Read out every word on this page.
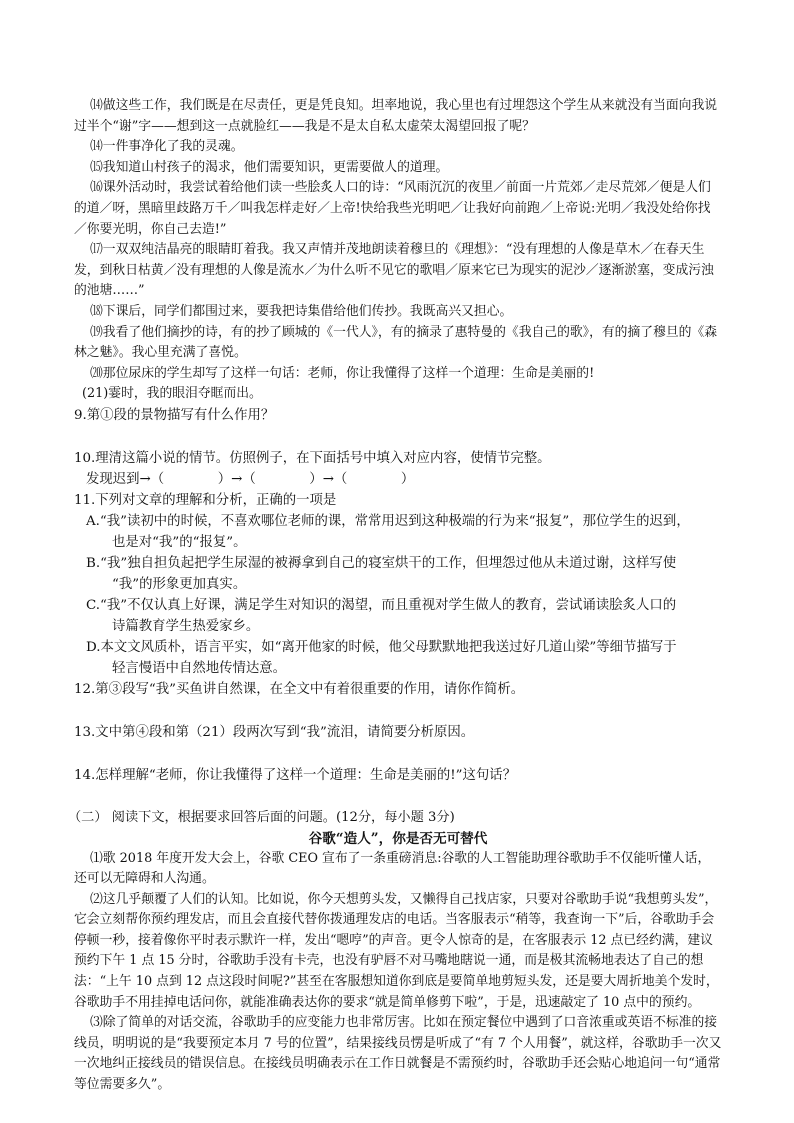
⒁做这些工作，我们既是在尽责任，更是凭良知。坦率地说，我心里也有过埋怨这个学生从来就没有当面向我说过半个“谢”字——想到这一点就脸红——我是不是太自私太虚荣太渴望回报了呢？

⒁一件事净化了我的灵魂。

⒂我知道山村孩子的渴求，他们需要知识，更需要做人的道理。

⒃课外活动时，我尝试着给他们读一些脍炙人口的诗：“风雨沉沉的夜里／前面一片荒郊／走尽荒郊／便是人们的道／呀，黑暗里歧路万千／叫我怎样走好／上帝!快给我些光明吧／让我好向前跑／上帝说:光明／我没处给你找／你要光明，你自己去造!”

⒄一双双纯洁晶亮的眼睛盯着我。我又声情并茂地朗读着穆旦的《理想》：“没有理想的人像是草木／在春天生发，到秋日枯黄／没有理想的人像是流水／为什么听不见它的歌唱／原来它已为现实的泥沙／逐渐淤塞，变成污浊的池塘……”

⒅下课后，同学们都围过来，要我把诗集借给他们传抄。我既高兴又担心。

⒆我看了他们摘抄的诗，有的抄了顾城的《一代人》，有的摘录了惠特曼的《我自己的歌》，有的摘了穆旦的《森林之魅》。我心里充满了喜悦。

⒇那位尿床的学生却写了这样一句话：老师，你让我懂得了这样一个道理：生命是美丽的!

(21)霎时，我的眼泪夺眶而出。

9.第①段的景物描写有什么作用？

10.理清这篇小说的情节。仿照例子，在下面括号中填入对应内容，使情节完整。

发现迟到→（　　　　）→（　　　　）→（　　　　）

11.下列对文章的理解和分析，正确的一项是

A.“我”读初中的时候，不喜欢哪位老师的课，常常用迟到这种极端的行为来“报复”，那位学生的迟到，
也是对“我”的“报复”。
B.“我”独自担负起把学生尿湿的被褥拿到自己的寝室烘干的工作，但埋怨过他从未道过谢，这样写使
“我”的形象更加真实。
C.“我”不仅认真上好课，满足学生对知识的渴望，而且重视对学生做人的教育，尝试诵读脍炙人口的
诗篇教育学生热爱家乡。
D.本文文风质朴，语言平实，如“离开他家的时候，他父母默默地把我送过好几道山梁”等细节描写于
轻言慢语中自然地传情达意。

12.第③段写“我”买鱼讲自然课，在全文中有着很重要的作用，请你作简析。

13.文中第④段和第（21）段两次写到“我”流泪，请简要分析原因。

14.怎样理解“老师，你让我懂得了这样一个道理：生命是美丽的!”这句话？

（二） 阅读下文，根据要求回答后面的问题。(12分，每小题 3分)

谷歌“造人”，你是否无可替代

⑴歌 2018 年度开发大会上，谷歌 CEO 宣布了一条重磅消息:谷歌的人工智能助理谷歌助手不仅能听懂人话，还可以无障碍和人沟通。

⑵这几乎颠覆了人们的认知。比如说，你今天想剪头发，又懒得自己找店家，只要对谷歌助手说“我想剪头发”，它会立刻帮你预约理发店，而且会直接代替你拨通理发店的电话。当客服表示“稍等，我查询一下”后，谷歌助手会停顿一秒，接着像你平时表示默许一样，发出“嗯哼”的声音。更令人惊奇的是，在客服表示 12 点已经约满，建议预约下午 1 点 15 分时，谷歌助手没有卡壳，也没有驴唇不对马嘴地瞎说一通，而是极其流畅地表达了自己的想法：“上午 10 点到 12 点这段时间呢?”甚至在客服想知道你到底是要简单地剪短头发，还是要大周折地美个发时，谷歌助手不用挂掉电话问你，就能准确表达你的要求“就是简单修剪下啦”，于是，迅速敲定了 10 点中的预约。

⑶除了简单的对话交流，谷歌助手的应变能力也非常厉害。比如在预定餐位中遇到了口音浓重或英语不标准的接线员，明明说的是“我要预定本月 7 号的位置”，结果接线员愣是听成了“有 7 个人用餐”，就这样，谷歌助手一次又一次地纠正接线员的错误信息。在接线员明确表示在工作日就餐是不需预约时，谷歌助手还会贴心地追问一句“通常等位需要多久”。
